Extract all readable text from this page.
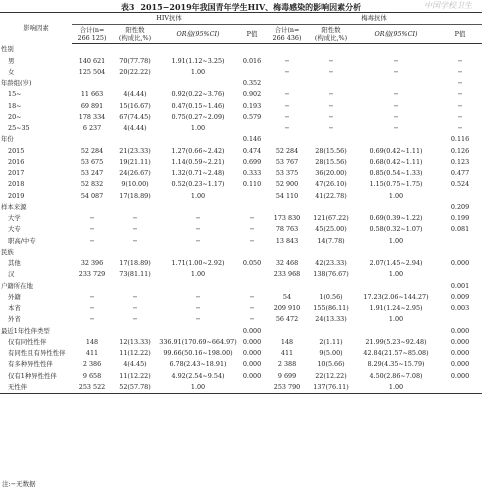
表3 2015−2019年我国青年学生HIV、梅毒感染的影响因素分析	中国学校卫生
影响因素	HIV抗体				梅毒抗体			
	合计(n=
266 125)	阳性数
(构成比,%)	OR值(95%CI)	P值	合计(n=
266 436)	阳性数
(构成比,%)	OR值(95%CI)	P值
性别								
男	140 621	70(77.78)	1.91(1.12~3.25)	0.016	−	−	−	−
女	125 504	20(22.22)	1.00		−	−	−	−
年龄组(岁)				0.352				−
15~	11 663	4(4.44)	0.92(0.22~3.76)	0.902	−	−	−	−
18~	69 891	15(16.67)	0.47(0.15~1.46)	0.193	−	−	−	−
20~	178 334	67(74.45)	0.75(0.27~2.09)	0.579	−	−	−	−
25~35	6 237	4(4.44)	1.00		−	−	−	−
年份				0.146				0.116
2015	52 284	21(23.33)	1.27(0.66~2.42)	0.474	52 284	28(15.56)	0.69(0.42~1.11)	0.126
2016	53 675	19(21.11)	1.14(0.59~2.21)	0.699	53 767	28(15.56)	0.68(0.42~1.11)	0.123
2017	53 247	24(26.67)	1.32(0.71~2.48)	0.333	53 375	36(20.00)	0.85(0.54~1.33)	0.477
2018	52 832	9(10.00)	0.52(0.23~1.17)	0.110	52 900	47(26.10)	1.15(0.75~1.75)	0.524
2019	54 087	17(18.89)	1.00		54 110	41(22.78)	1.00	
样本来源								0.209
大学	−	−	−	−	173 830	121(67.22)	0.69(0.39~1.22)	0.199
大专	−	−	−	−	78 763	45(25.00)	0.58(0.32~1.07)	0.081
职高/中专	−	−	−	−	13 843	14(7.78)	1.00	
民族								
其他	32 396	17(18.89)	1.71(1.00~2.92)	0.050	32 468	42(23.33)	2.07(1.45~2.94)	0.000
汉	233 729	73(81.11)	1.00		233 968	138(76.67)	1.00	
户籍所在地								0.001
外籍	−	−	−	−	54	1(0.56)	17.23(2.06~144.27)	0.009
本省	−	−	−	−	209 910	155(86.11)	1.91(1.24~2.95)	0.003
外省	−	−	−	−	56 472	24(13.33)	1.00	
最近1年性伴类型				0.000				0.000
仅有同性性伴	148	12(13.33)	336.91(170.69~664.97)	0.000	148	2(1.11)	21.99(5.23~92.48)	0.000
有同性且有异性性伴	411	11(12.22)	99.66(50.16~198.00)	0.000	411	9(5.00)	42.84(21.57~85.08)	0.000
有多种异性性伴	2 386	4(4.45)	6.78(2.43~18.91)	0.000	2 388	10(5.66)	8.29(4.35~15.79)	0.000
仅有1种异性性伴	9 658	11(12.22)	4.92(2.54~9.54)	0.000	9 699	22(12.22)	4.50(2.86~7.08)	0.000
无性伴	253 522	52(57.78)	1.00		253 790	137(76.11)	1.00	
注:−无数据
